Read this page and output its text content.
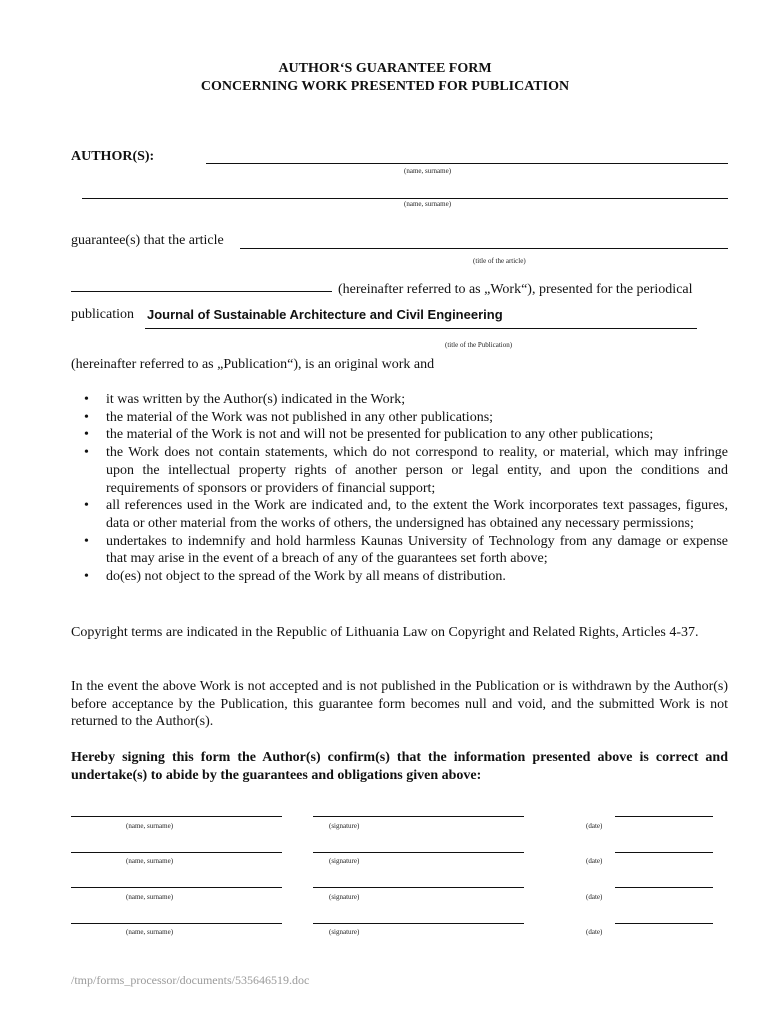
AUTHOR‘S GUARANTEE FORM
CONCERNING WORK PRESENTED FOR PUBLICATION
AUTHOR(S):
(name, surname)
(name, surname)
guarantee(s) that the article
(title of the article)
(hereinafter referred to as „Work“), presented for the periodical
publication Journal of Sustainable Architecture and Civil Engineering
(title of the Publication)
(hereinafter referred to as „Publication“), is an original work and
• it was written by the Author(s) indicated in the Work;
• the material of the Work was not published in any other publications;
• the material of the Work is not and will not be presented for publication to any other publications;
• the Work does not contain statements, which do not correspond to reality, or material, which may infringe upon the intellectual property rights of another person or legal entity, and upon the conditions and requirements of sponsors or providers of financial support;
• all references used in the Work are indicated and, to the extent the Work incorporates text passages, figures, data or other material from the works of others, the undersigned has obtained any necessary permissions;
• undertakes to indemnify and hold harmless Kaunas University of Technology from any damage or expense that may arise in the event of a breach of any of the guarantees set forth above;
• do(es) not object to the spread of the Work by all means of distribution.
Copyright terms are indicated in the Republic of Lithuania Law on Copyright and Related Rights, Articles 4-37.
In the event the above Work is not accepted and is not published in the Publication or is withdrawn by the Author(s) before acceptance by the Publication, this guarantee form becomes null and void, and the submitted Work is not returned to the Author(s).
Hereby signing this form the Author(s) confirm(s) that the information presented above is correct and undertake(s) to abide by the guarantees and obligations given above:
(name, surname)	(signature)	(date)
(name, surname)	(signature)	(date)
(name, surname)	(signature)	(date)
(name, surname)	(signature)	(date)
/tmp/forms_processor/documents/535646519.doc
